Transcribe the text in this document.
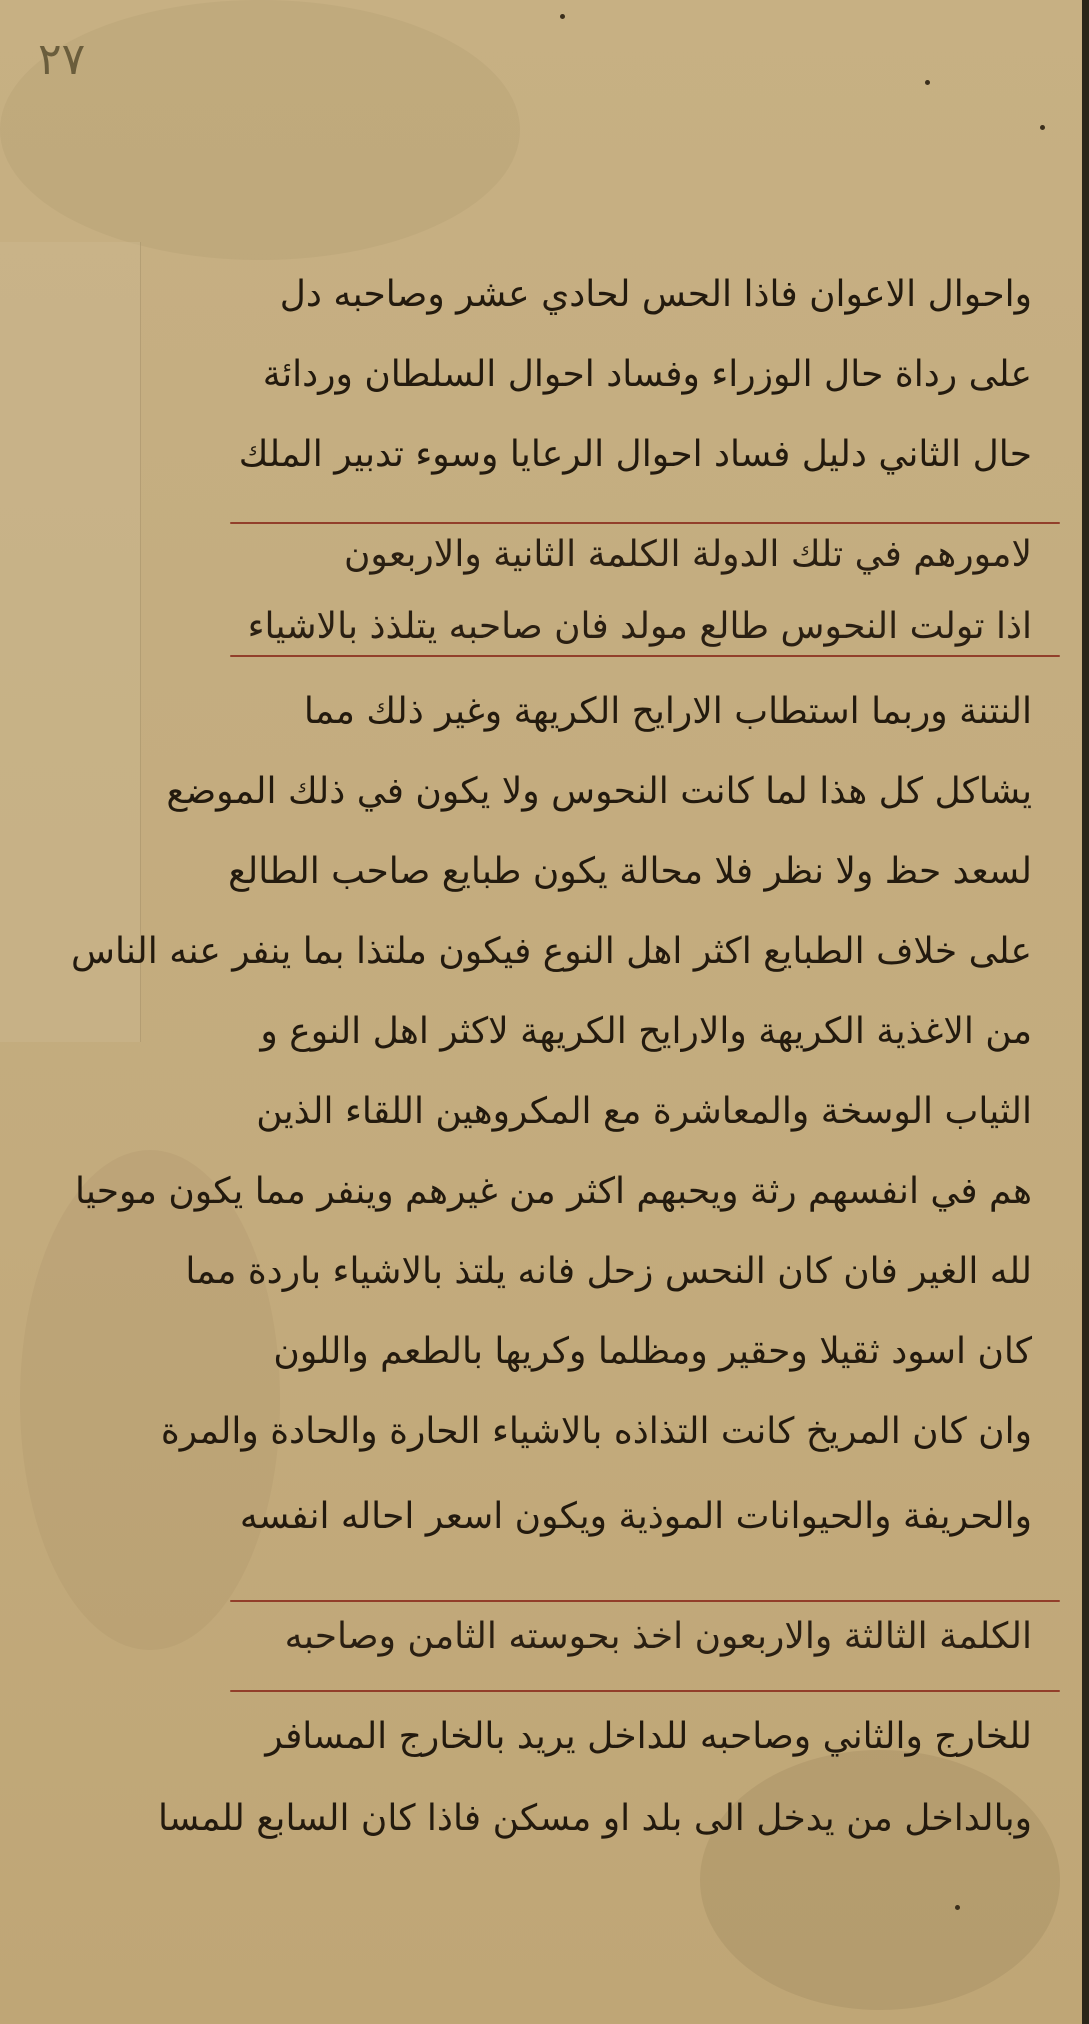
٢٧
واحوال الاعوان فاذا الحس لحادي عشر وصاحبه دل
على رداة حال الوزراء وفساد احوال السلطان وردائة
حال الثاني دليل فساد احوال الرعايا وسوء تدبير الملك
لامورهم في تلك الدولة الكلمة الثانية والاربعون
اذا تولت النحوس طالع مولد فان صاحبه يتلذذ بالاشياء
النتنة وربما استطاب الارايح الكريهة وغير ذلك مما
يشاكل كل هذا لما كانت النحوس ولا يكون في ذلك الموضع
لسعد حظ ولا نظر فلا محالة يكون طبايع صاحب الطالع
على خلاف الطبايع اكثر اهل النوع فيكون ملتذا بما ينفر عنه الناس
من الاغذية الكريهة والارايح الكريهة لاكثر اهل النوع و
الثياب الوسخة والمعاشرة مع المكروهين اللقاء الذين
هم في انفسهم رثة ويحبهم اكثر من غيرهم وينفر مما يكون موحيا
لله الغير فان كان النحس زحل فانه يلتذ بالاشياء باردة مما
كان اسود ثقيلا وحقير ومظلما وكريها بالطعم واللون
وان كان المريخ كانت التذاذه بالاشياء الحارة والحادة والمرة
والحريفة والحيوانات الموذية ويكون اسعر احاله انفسه
الكلمة الثالثة والاربعون اخذ بحوسته الثامن وصاحبه
للخارج والثاني وصاحبه للداخل يريد بالخارج المسافر
وبالداخل من يدخل الى بلد او مسكن فاذا كان السابع للمسا
